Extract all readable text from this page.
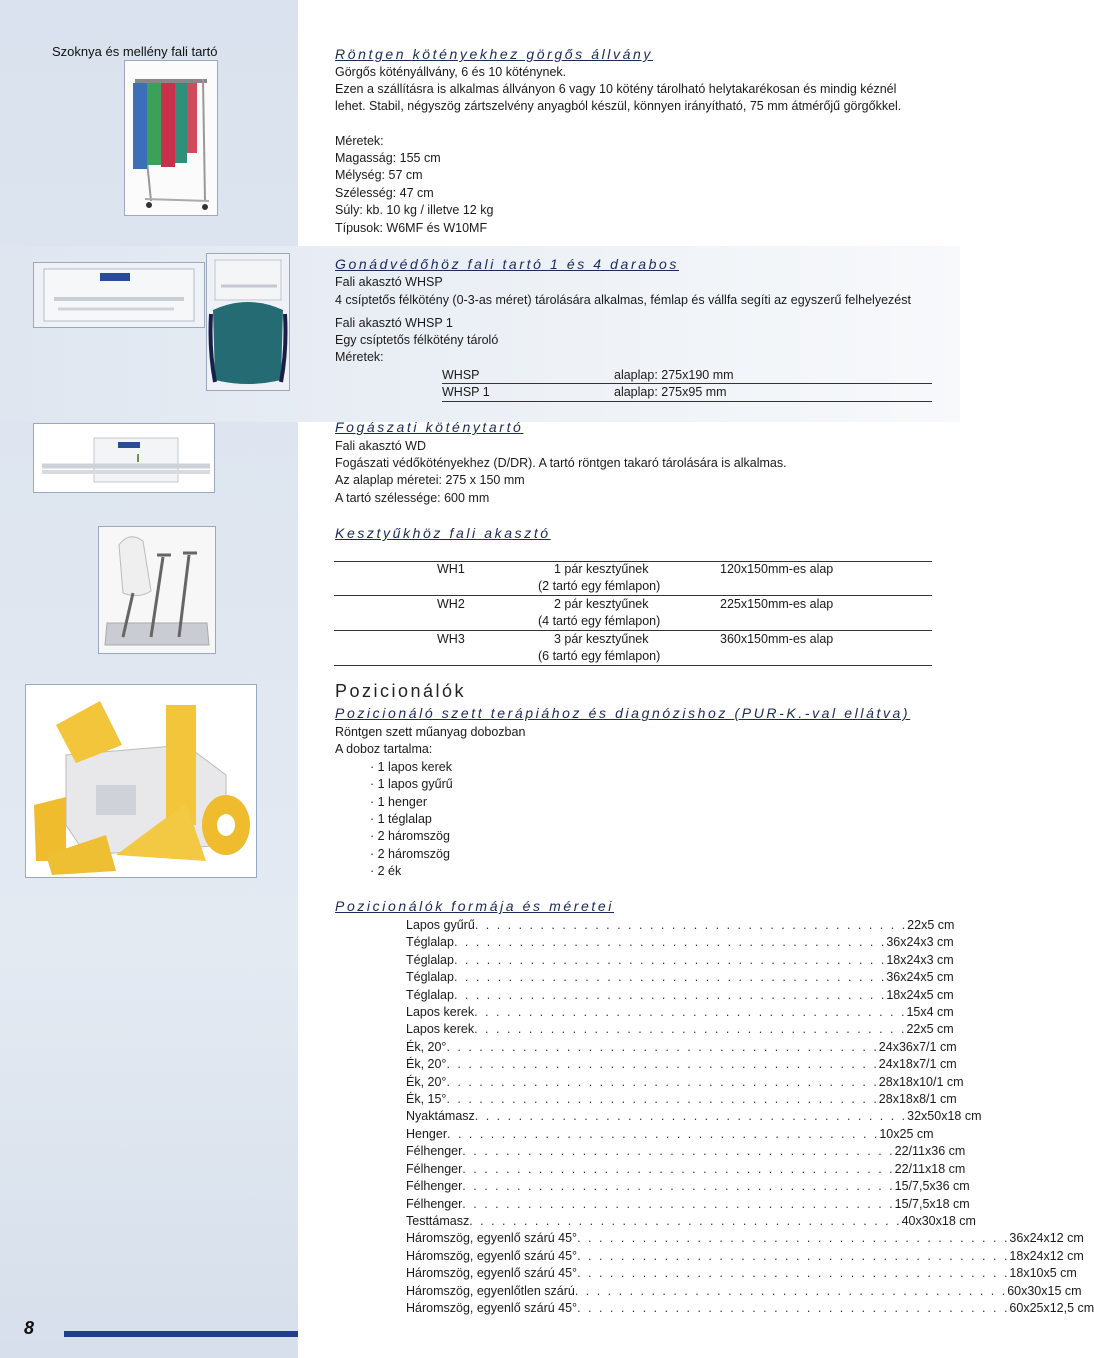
Szoknya és mellény fali tartó	Röntgen kötényekhez görgős állvány
Görgős kötényállvány, 6 és 10 köténynek.
Ezen a szállításra is alkalmas állványon 6 vagy 10 kötény tárolható helytakarékosan és mindig kéznél
lehet. Stabil, négyszög zártszelvény anyagból készül, könnyen irányítható, 75 mm átmérőjű görgőkkel.
Méretek:
Magasság: 155 cm
Mélység: 57 cm
Szélesség: 47 cm
Súly: kb. 10 kg / illetve 12 kg
Típusok: W6MF és W10MF
Gonádvédőhöz fali tartó 1 és 4 darabos
Fali akasztó WHSP
4 csíptetős félkötény (0-3-as méret) tárolására alkalmas, fémlap és vállfa segíti az egyszerű felhelyezést
Fali akasztó WHSP 1
Egy csíptetős félkötény tároló
Méretek:
WHSP	alaplap: 275x190 mm
WHSP 1	alaplap: 275x95 mm
Fogászati köténytartó
Fali akasztó WD
Fogászati védőkötényekhez (D/DR). A tartó röntgen takaró tárolására is alkalmas.
Az alaplap méretei: 275 x 150 mm
A tartó szélessége: 600 mm
Kesztyűkhöz fali akasztó
WH1	1 pár kesztyűnek	120x150mm-es alap
(2 tartó egy fémlapon)
WH2	2 pár kesztyűnek	225x150mm-es alap
(4 tartó egy fémlapon)
WH3	3 pár kesztyűnek	360x150mm-es alap
(6 tartó egy fémlapon)
Pozicionálók
Pozicionáló szett terápiához és diagnózishoz (PUR-K.-val ellátva)
Röntgen szett műanyag dobozban
A doboz tartalma:
· 1 lapos kerek
· 1 lapos gyűrű
· 1 henger
· 1 téglalap
· 2 háromszög
· 2 háromszög
· 2 ék
Pozicionálók formája és méretei
Lapos gyűrű . . . . . . . . . . . . . . . . . . . . . . . . . . . . . . . . . . . . . . . . 22x5 cm
Téglalap . . . . . . . . . . . . . . . . . . . . . . . . . . . . . . . . . . . . . . . . 36x24x3 cm
Téglalap . . . . . . . . . . . . . . . . . . . . . . . . . . . . . . . . . . . . . . . . 18x24x3 cm
Téglalap . . . . . . . . . . . . . . . . . . . . . . . . . . . . . . . . . . . . . . . . 36x24x5 cm
Téglalap . . . . . . . . . . . . . . . . . . . . . . . . . . . . . . . . . . . . . . . . 18x24x5 cm
Lapos kerek . . . . . . . . . . . . . . . . . . . . . . . . . . . . . . . . . . . . . . . . 15x4 cm
Lapos kerek . . . . . . . . . . . . . . . . . . . . . . . . . . . . . . . . . . . . . . . . 22x5 cm
Ék, 20° . . . . . . . . . . . . . . . . . . . . . . . . . . . . . . . . . . . . . . . . 24x36x7/1 cm
Ék, 20° . . . . . . . . . . . . . . . . . . . . . . . . . . . . . . . . . . . . . . . . 24x18x7/1 cm
Ék, 20° . . . . . . . . . . . . . . . . . . . . . . . . . . . . . . . . . . . . . . . . 28x18x10/1 cm
Ék, 15° . . . . . . . . . . . . . . . . . . . . . . . . . . . . . . . . . . . . . . . . 28x18x8/1 cm
Nyaktámasz . . . . . . . . . . . . . . . . . . . . . . . . . . . . . . . . . . . . . . . . 32x50x18 cm
Henger . . . . . . . . . . . . . . . . . . . . . . . . . . . . . . . . . . . . . . . . 10x25 cm
Félhenger . . . . . . . . . . . . . . . . . . . . . . . . . . . . . . . . . . . . . . . . 22/11x36 cm
Félhenger . . . . . . . . . . . . . . . . . . . . . . . . . . . . . . . . . . . . . . . . 22/11x18 cm
Félhenger . . . . . . . . . . . . . . . . . . . . . . . . . . . . . . . . . . . . . . . . 15/7,5x36 cm
Félhenger . . . . . . . . . . . . . . . . . . . . . . . . . . . . . . . . . . . . . . . . 15/7,5x18 cm
Testtámasz . . . . . . . . . . . . . . . . . . . . . . . . . . . . . . . . . . . . . . . . 40x30x18 cm
Háromszög, egyenlő szárú 45° . . . . . . . . . . . . . . . . . . . . . . . . . . . . . . . . . . . . . . . . 36x24x12 cm
Háromszög, egyenlő szárú 45° . . . . . . . . . . . . . . . . . . . . . . . . . . . . . . . . . . . . . . . . 18x24x12 cm
Háromszög, egyenlő szárú 45° . . . . . . . . . . . . . . . . . . . . . . . . . . . . . . . . . . . . . . . . 18x10x5 cm
Háromszög, egyenlőtlen szárú . . . . . . . . . . . . . . . . . . . . . . . . . . . . . . . . . . . . . . . . 60x30x15 cm
Háromszög, egyenlő szárú 45° . . . . . . . . . . . . . . . . . . . . . . . . . . . . . . . . . . . . . . . . 60x25x12,5 cm
8
